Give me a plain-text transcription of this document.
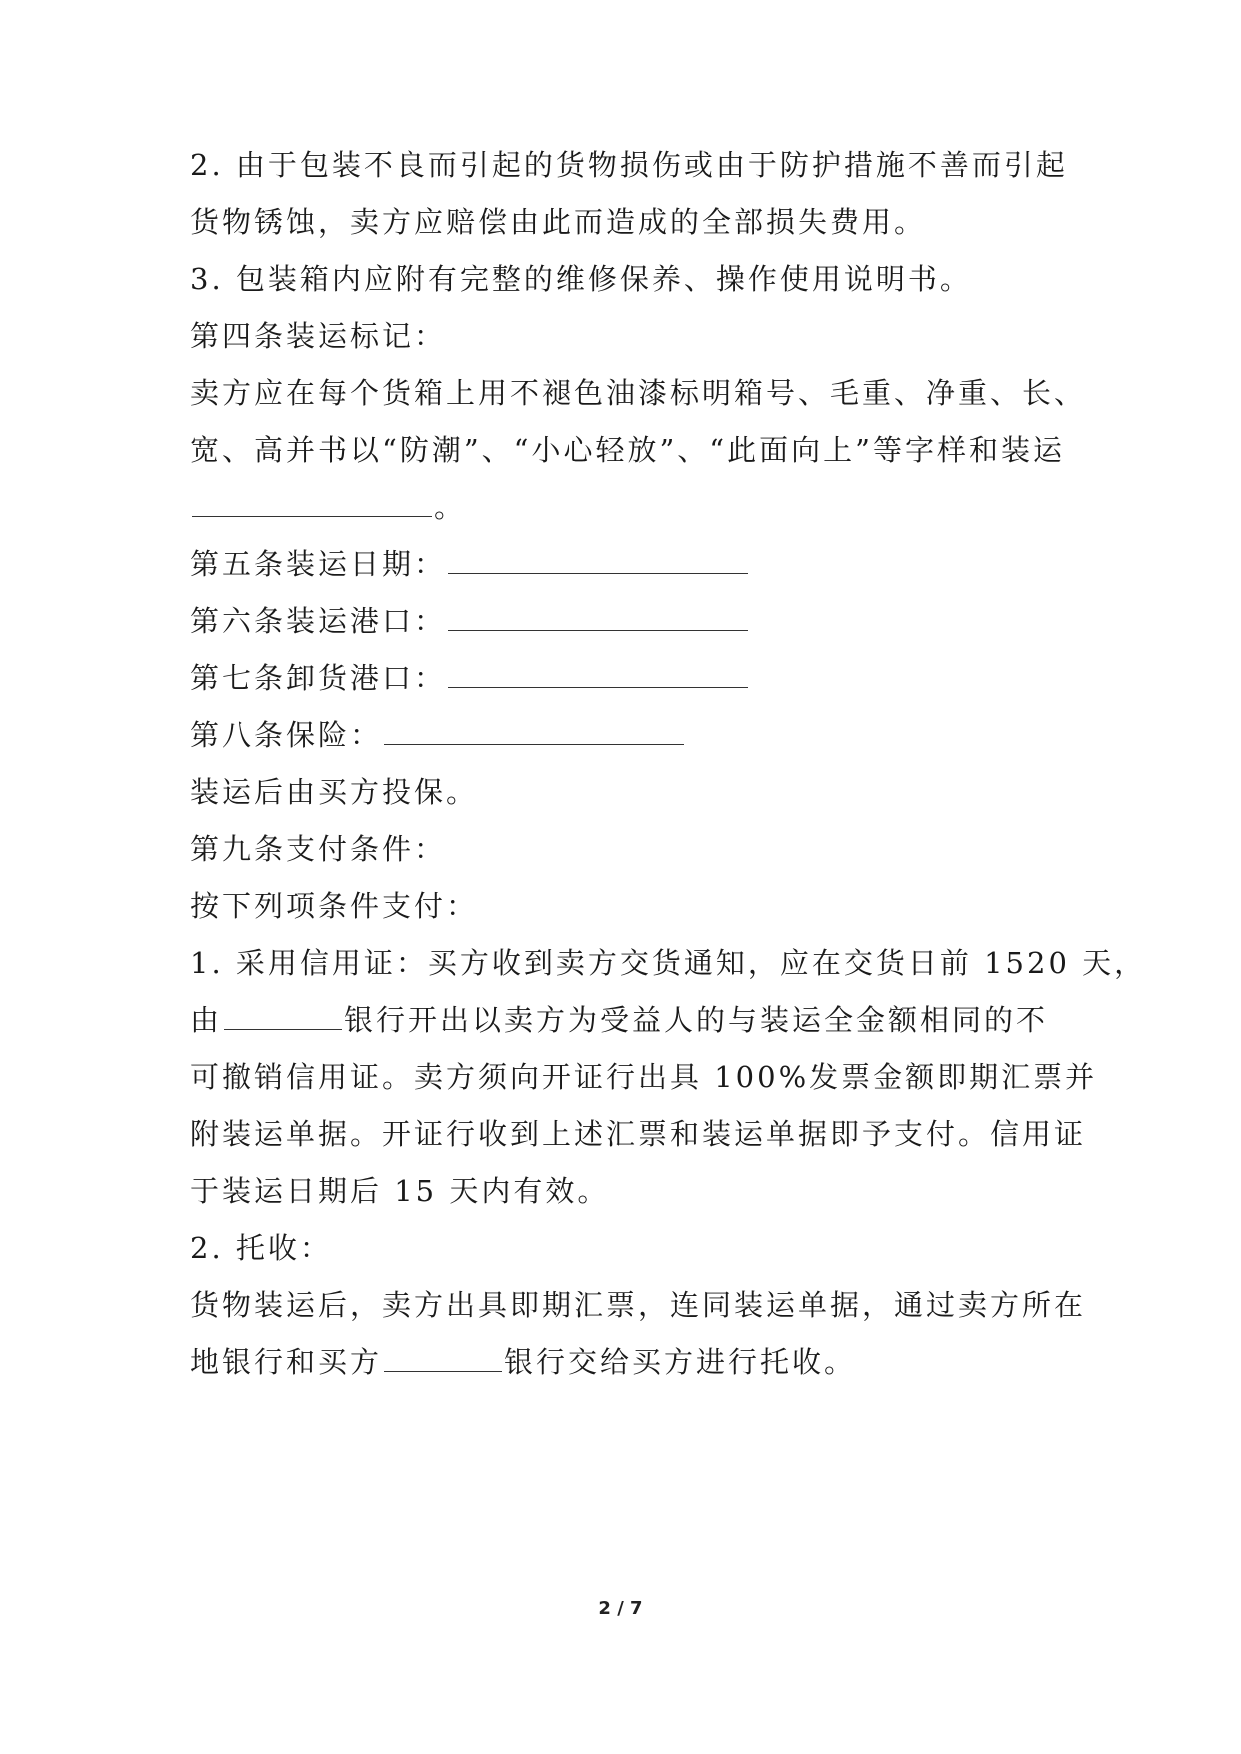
2. 由于包装不良而引起的货物损伤或由于防护措施不善而引起
货物锈蚀，卖方应赔偿由此而造成的全部损失费用。
3. 包装箱内应附有完整的维修保养、操作使用说明书。
第四条装运标记：
卖方应在每个货箱上用不褪色油漆标明箱号、毛重、净重、长、
宽、高并书以“防潮”、“小心轻放”、“此面向上”等字样和装运
。
第五条装运日期：
第六条装运港口：
第七条卸货港口：
第八条保险：
装运后由买方投保。
第九条支付条件：
按下列项条件支付：
1. 采用信用证：买方收到卖方交货通知，应在交货日前 1520 天，
由	银行开出以卖方为受益人的与装运全金额相同的不
可撤销信用证。卖方须向开证行出具 100%发票金额即期汇票并
附装运单据。开证行收到上述汇票和装运单据即予支付。信用证
于装运日期后 15 天内有效。
2. 托收：
货物装运后，卖方出具即期汇票，连同装运单据，通过卖方所在
地银行和买方	银行交给买方进行托收。
2 / 7
